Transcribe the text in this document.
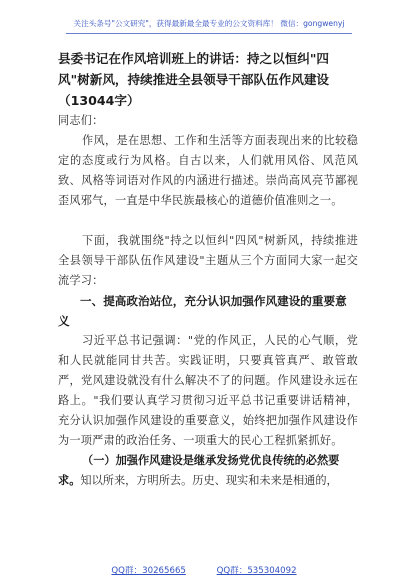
关注头条号"公文研究"，获得最新最全最专业的公文资料库！ 微信：gongwenyj

县委书记在作风培训班上的讲话：持之以恒纠"四风"树新风，持续推进全县领导干部队伍作风建设（13044字）

同志们：

作风，是在思想、工作和生活等方面表现出来的比较稳定的态度或行为风格。自古以来，人们就用风俗、风范风致、风格等词语对作风的内涵进行描述。崇尚高风亮节鄙视歪风邪气，一直是中华民族最核心的道德价值准则之一。

下面，我就围绕"持之以恒纠"四风"树新风，持续推进全县领导干部队伍作风建设"主题从三个方面同大家一起交流学习：

一、提高政治站位，充分认识加强作风建设的重要意义

习近平总书记强调："党的作风正，人民的心气顺，党和人民就能同甘共苦。实践证明，只要真管真严、敢管敢严，党风建设就没有什么解决不了的问题。作风建设永远在路上。"我们要认真学习贯彻习近平总书记重要讲话精神，充分认识加强作风建设的重要意义，始终把加强作风建设作为一项严肃的政治任务、一项重大的民心工程抓紧抓好。

（一）加强作风建设是继承发扬党优良传统的必然要求。知以所来，方明所去。历史、现实和未来是相通的，

QQ群：30265665	QQ群：535304092
